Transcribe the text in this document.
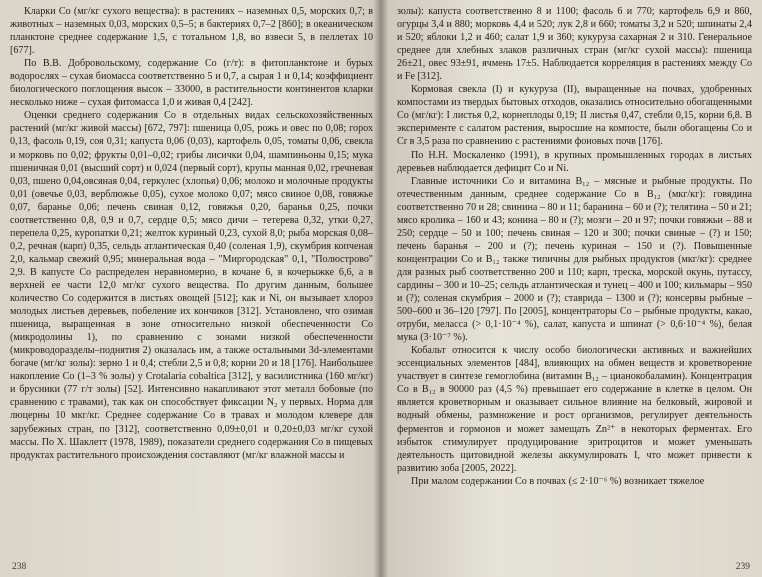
Кларки Co (мг/кг сухого вещества): в растениях – наземных 0,5, морских 0,7; в животных – наземных 0,03, морских 0,5–5; в бактериях 0,7–2 [860]; в океаническом планктоне среднее содержание 1,5, с тотальном 1,8, во взвеси 5, в пеллетах 10 [677].

По В.В. Добровольскому, содержание Co (г/т): в фитопланктоне и бурых водорослях – сухая биомасса соответственно 5 и 0,7, а сырая 1 и 0,14; коэффициент биологического поглощения высок – 33000, в растительности континентов кларки несколько ниже – сухая фитомасса 1,0 и живая 0,4 [242].

Оценки среднего содержания Co в отдельных видах сельскохозяйственных растений (мг/кг живой массы) [672, 797]: пшеница 0,05, рожь и овес по 0,08; горох 0,13, фасоль 0,19, соя 0,31; капуста 0,06 (0,03), картофель 0,05, томаты 0,06, свекла и морковь по 0,02; фрукты 0,01–0,02; грибы лисички 0,04, шампиньоны 0,15; мука пшеничная 0,01 (высший сорт) и 0,024 (первый сорт), крупы манная 0,02, гречневая 0,03, пшено 0,04,овсяная 0,04, геркулес (хлопья) 0,06; молоко и молочные продукты 0,01 (овечье 0,03, верблюжье 0,05), сухое молоко 0,07; мясо свиное 0,08, говяжье 0,07, баранье 0,06; печень свиная 0,12, говяжья 0,20, баранья 0,25, почки соответственно 0,8, 0,9 и 0,7, сердце 0,5; мясо дичи – тетерева 0,32, утки 0,27, перепела 0,25, куропатки 0,21; желток куриный 0,23, сухой 8,0; рыба морская 0,08–0,2, речная (карп) 0,35, сельдь атлантическая 0,40 (соленая 1,9), скумбрия копченая 2,0, кальмар свежий 0,95; минеральная вода – "Миргородская" 0,1, "Полюстрово" 2,9. В капусте Co распределен неравномерно, в кочане 6, в кочерыжке 6,6, а в верхней ее части 12,0 мг/кг сухого вещества. По другим данным, большее количество Co содержится в листьях овощей [512]; как и Ni, он вызывает хлороз молодых листьев деревьев, побеление их кончиков [312]. Установлено, что озимая пшеница, выращенная в зоне относительно низкой обеспеченности Co (микродолины 1), по сравнению с зонами низкой обеспеченности (микроводоразделы–поднятия 2) оказалась им, а также остальными 3d-элементами богаче (мг/кг золы): зерно 1 и 0,4; стебли 2,5 и 0,8; корни 20 и 18 [176]. Наибольшее накопление Co (1–3 % золы) у Crotalaria cobaltica [312], у василистника (160 мг/кг) и брусники (77 г/т золы) [52]. Интенсивно накапливают этот металл бобовые (по сравнению с травами), так как он способствует фиксации N₂ у первых. Норма для люцерны 10 мкг/кг. Среднее содержание Co в травах и молодом клевере для зарубежных стран, по [312], соответственно 0,09±0,01 и 0,20±0,03 мг/кг сухой массы. По Х. Шаклетт (1978, 1989), показатели среднего содержания Co в пищевых продуктах растительного происхождения составляют (мг/кг влажной массы и

238

золы): капуста соответственно 8 и 1100; фасоль 6 и 770; картофель 6,9 и 860, огурцы 3,4 и 880; морковь 4,4 и 520; лук 2,8 и 660; томаты 3,2 и 520; шпинаты 2,4 и 520; яблоки 1,2 и 460; салат 1,9 и 360; кукуруза сахарная 2 и 310. Генеральное среднее для хлебных злаков различных стран (мг/кг сухой массы): пшеница 26±21, овес 93±91, ячмень 17±5. Наблюдается корреляция в растениях между Co и Fe [312].

Кормовая свекла (I) и кукуруза (II), выращенные на почвах, удобренных компостами из твердых бытовых отходов, оказались относительно обогащенными Co (мг/кг): I листья 0,2, корнеплоды 0,19; II листья 0,47, стебли 0,15, корни 6,8. В эксперименте с салатом растения, выросшие на компосте, были обогащены Co и Cr в 3,5 раза по сравнению с растениями фоновых почв [176].

По Н.Н. Москаленко (1991), в крупных промышленных городах в листьях деревьев наблюдается дефицит Co и Ni.

Главные источники Co и витамина B₁₂ – мясные и рыбные продукты. По отечественным данным, среднее содержание Co в B₁₂ (мкг/кг): говядина соответственно 70 и 28; свинина – 80 и 11; баранина – 60 и (?); телятина – 50 и 21; мясо кролика – 160 и 43; конина – 80 и (?); мозги – 20 и 97; почки говяжьи – 88 и 250; сердце – 50 и 100; печень свиная – 120 и 300; почки свиные – (?) и 150; печень баранья – 200 и (?); печень куриная – 150 и (?). Повышенные концентрации Co и B₁₂ также типичны для рыбных продуктов (мкг/кг): среднее для разных рыб соответственно 200 и 110; карп, треска, морской окунь, путассу, сардины – 300 и 10–25; сельдь атлантическая и тунец – 400 и 100; кильмары – 950 и (?); соленая скумбрия – 2000 и (?); ставрида – 1300 и (?); консервы рыбные – 500–600 и 36–120 [797]. По [2005], концентраторы Co – рыбные продукты, какао, отруби, меласса (> 0,1·10⁻⁴ %), салат, капуста и шпинат (> 0,6·10⁻⁴ %), белая мука (3·10⁻⁷ %).

Кобальт относится к числу особо биологически активных и важнейших эссенциальных элементов [484], влияющих на обмен веществ и кроветворение участвует в синтезе гемоглобина (витамин B₁₂ – цианокобаламин). Концентрация Co в B₁₂ в 90000 раз (4,5 %) превышает его содержание в клетке в целом. Он является кроветворным и оказывает сильное влияние на белковый, жировой и водный обмены, размножение и рост организмов, регулирует деятельность ферментов и гормонов и может замещать Zn²⁺ в некоторых ферментах. Его избыток стимулирует продуцирование эритроцитов и может уменьшать деятельность щитовидной железы аккумулировать I, что может привести к развитию зоба [2005, 2022].

При малом содержании Co в почвах (≤ 2·10⁻⁶ %) возникает тяжелое

239
